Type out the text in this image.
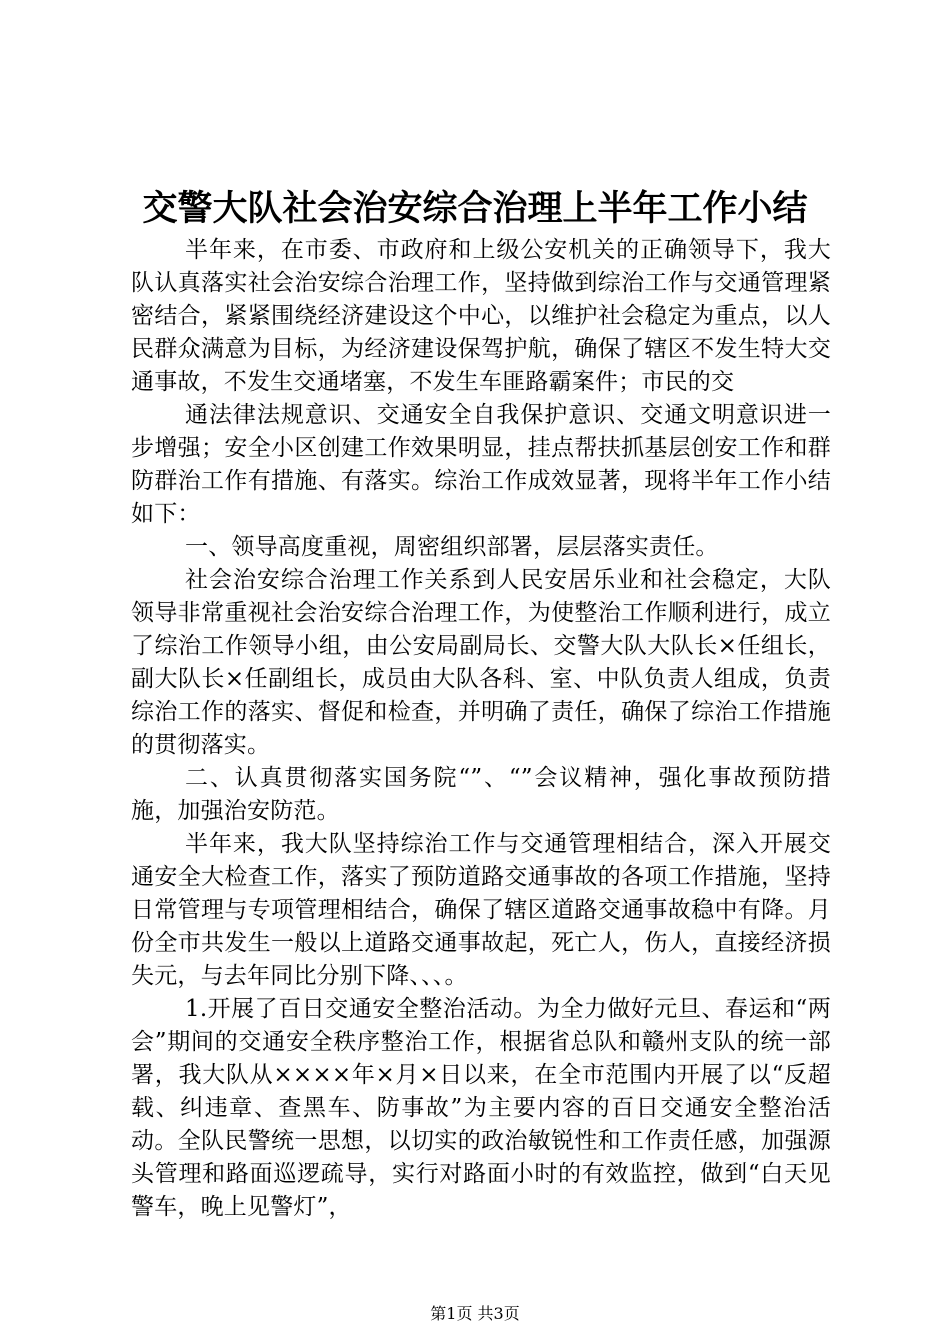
交警大队社会治安综合治理上半年工作小结

半年来，在市委、市政府和上级公安机关的正确领导下，我大队认真落实社会治安综合治理工作，坚持做到综治工作与交通管理紧密结合，紧紧围绕经济建设这个中心，以维护社会稳定为重点，以人民群众满意为目标，为经济建设保驾护航，确保了辖区不发生特大交通事故，不发生交通堵塞，不发生车匪路霸案件；市民的交

通法律法规意识、交通安全自我保护意识、交通文明意识进一步增强；安全小区创建工作效果明显，挂点帮扶抓基层创安工作和群防群治工作有措施、有落实。综治工作成效显著，现将半年工作小结如下：

一、领导高度重视，周密组织部署，层层落实责任。

社会治安综合治理工作关系到人民安居乐业和社会稳定，大队领导非常重视社会治安综合治理工作，为使整治工作顺利进行，成立了综治工作领导小组，由公安局副局长、交警大队大队长×任组长，副大队长×任副组长，成员由大队各科、室、中队负责人组成，负责综治工作的落实、督促和检查，并明确了责任，确保了综治工作措施的贯彻落实。

二、认真贯彻落实国务院“”、“”会议精神，强化事故预防措施，加强治安防范。

半年来，我大队坚持综治工作与交通管理相结合，深入开展交通安全大检查工作，落实了预防道路交通事故的各项工作措施，坚持日常管理与专项管理相结合，确保了辖区道路交通事故稳中有降。月份全市共发生一般以上道路交通事故起，死亡人，伤人，直接经济损失元，与去年同比分别下降、、、。

1.开展了百日交通安全整治活动。为全力做好元旦、春运和“两会”期间的交通安全秩序整治工作，根据省总队和赣州支队的统一部署，我大队从××××年×月×日以来，在全市范围内开展了以“反超载、纠违章、查黑车、防事故”为主要内容的百日交通安全整治活动。全队民警统一思想，以切实的政治敏锐性和工作责任感，加强源头管理和路面巡逻疏导，实行对路面小时的有效监控，做到“白天见警车，晚上见警灯”，

第1页 共3页
